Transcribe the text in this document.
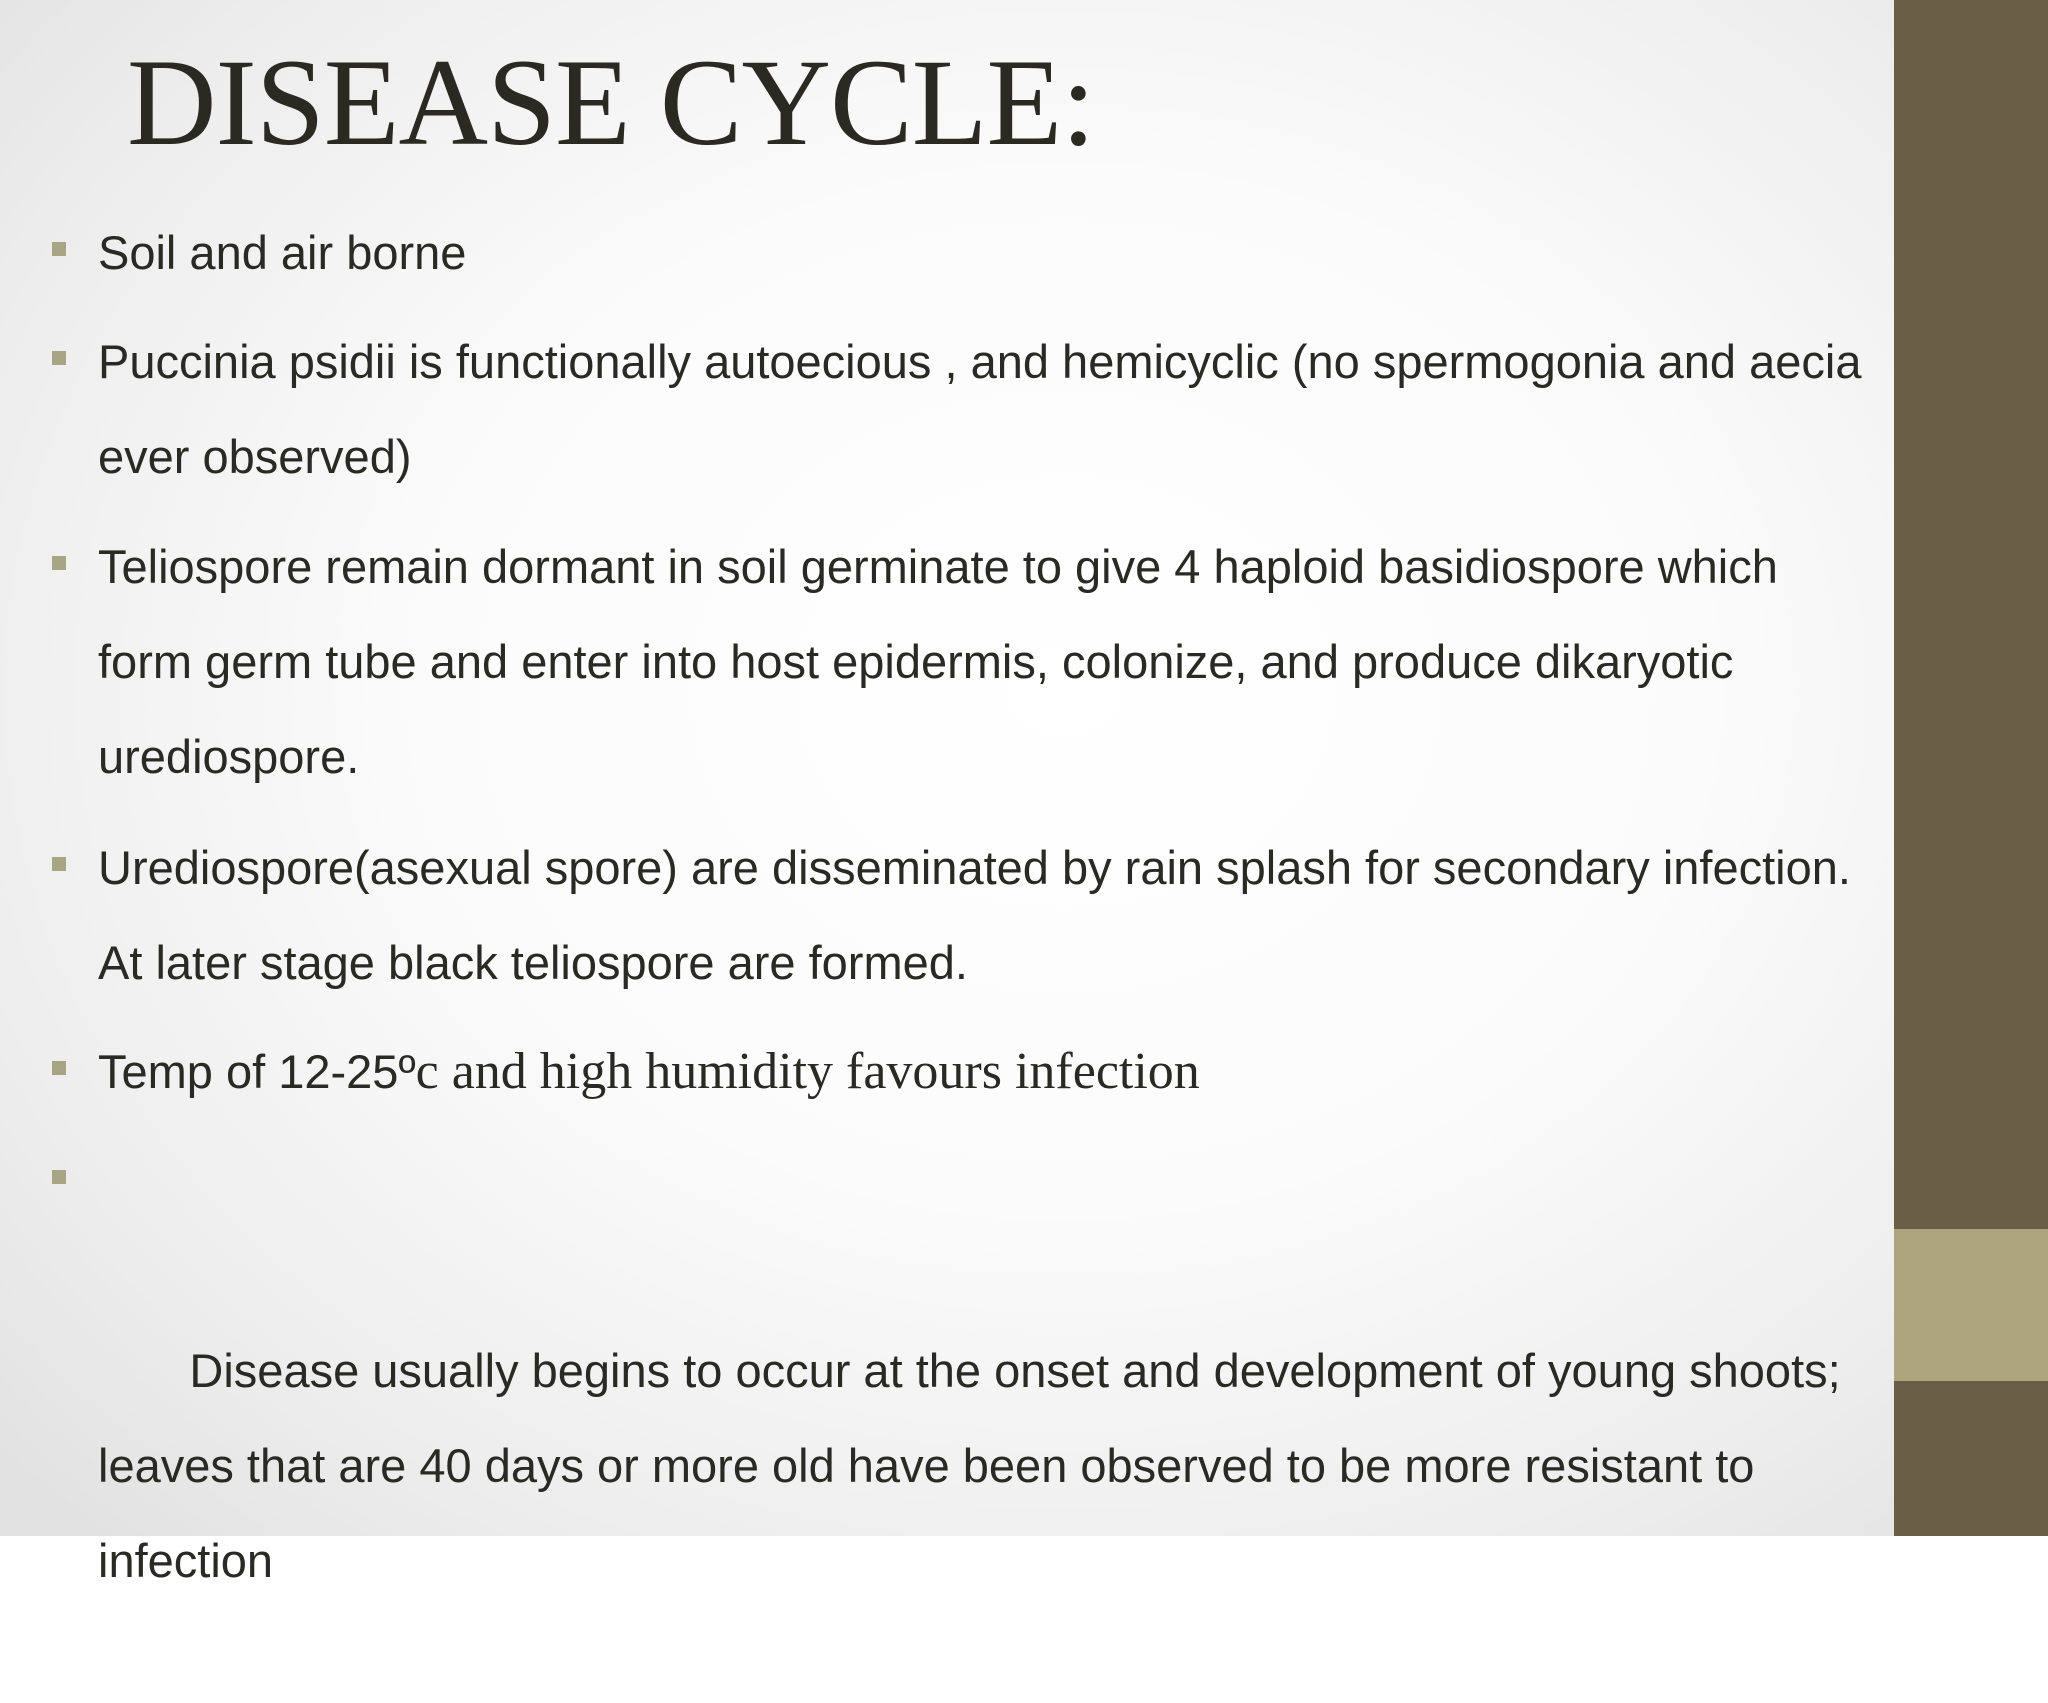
DISEASE CYCLE:
Soil and air borne
Puccinia psidii is functionally autoecious , and hemicyclic (no spermogonia and aecia ever observed)
Teliospore remain dormant in soil germinate to give 4 haploid basidiospore which form germ tube and enter into host epidermis, colonize, and produce dikaryotic urediospore.
Urediospore(asexual spore) are disseminated by rain splash for secondary infection. At later stage black teliospore are formed.
Temp of 12-25ºc and high humidity favours infection

Disease usually begins to occur at the onset and development of young shoots; leaves that are 40 days or more old have been observed to be more resistant to infection
